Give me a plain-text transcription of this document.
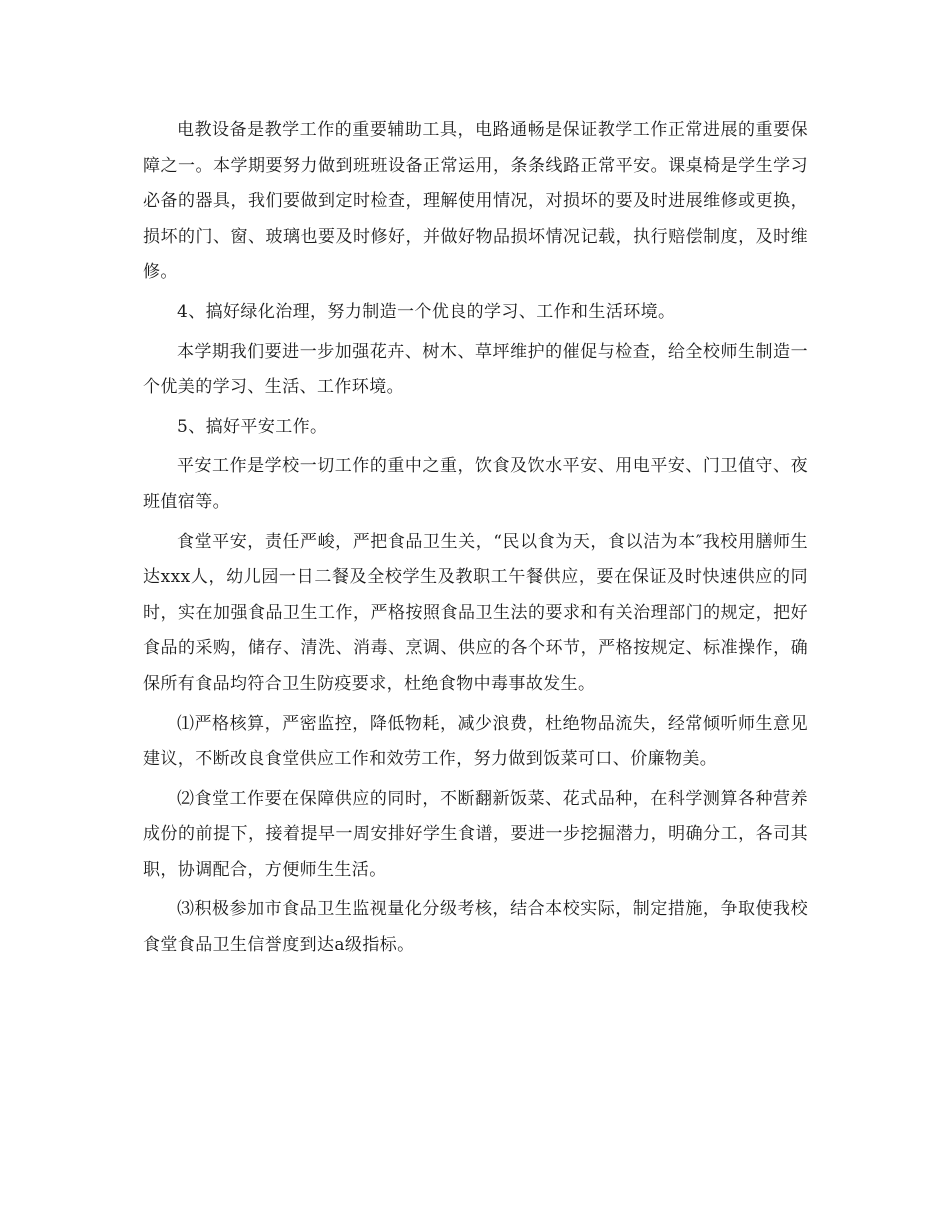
电教设备是教学工作的重要辅助工具，电路通畅是保证教学工作正常进展的重要保障之一。本学期要努力做到班班设备正常运用，条条线路正常平安。课桌椅是学生学习必备的器具，我们要做到定时检查，理解使用情况，对损坏的要及时进展维修或更换，损坏的门、窗、玻璃也要及时修好，并做好物品损坏情况记载，执行赔偿制度，及时维修。

4、搞好绿化治理，努力制造一个优良的学习、工作和生活环境。

本学期我们要进一步加强花卉、树木、草坪维护的催促与检查，给全校师生制造一个优美的学习、生活、工作环境。

5、搞好平安工作。

平安工作是学校一切工作的重中之重，饮食及饮水平安、用电平安、门卫值守、夜班值宿等。

食堂平安，责任严峻，严把食品卫生关，“民以食为天，食以洁为本″我校用膳师生达xxx人，幼儿园一日二餐及全校学生及教职工午餐供应，要在保证及时快速供应的同时，实在加强食品卫生工作，严格按照食品卫生法的要求和有关治理部门的规定，把好食品的采购，储存、清洗、消毒、烹调、供应的各个环节，严格按规定、标准操作，确保所有食品均符合卫生防疫要求，杜绝食物中毒事故发生。

⑴严格核算，严密监控，降低物耗，减少浪费，杜绝物品流失，经常倾听师生意见建议，不断改良食堂供应工作和效劳工作，努力做到饭菜可口、价廉物美。

⑵食堂工作要在保障供应的同时，不断翻新饭菜、花式品种，在科学测算各种营养成份的前提下，接着提早一周安排好学生食谱，要进一步挖掘潜力，明确分工，各司其职，协调配合，方便师生生活。

⑶积极参加市食品卫生监视量化分级考核，结合本校实际，制定措施，争取使我校食堂食品卫生信誉度到达a级指标。
